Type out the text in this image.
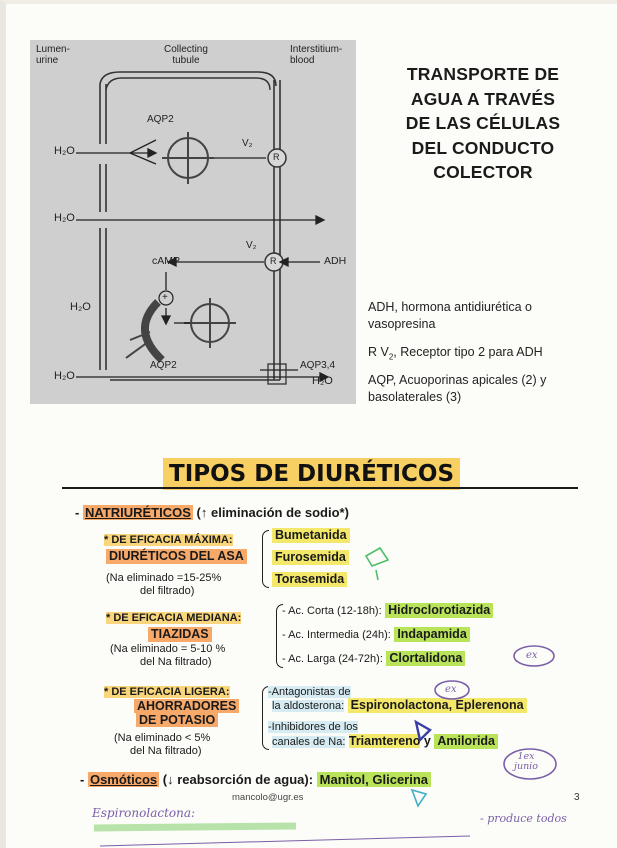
Lumen-
urine
Collecting
tubule
Interstitium-
blood
AQP2
H₂O
V₂
R
H₂O
V₂
cAMP	R	ADH
+
H₂O
AQP2	AQP3,4
H₂O	H₂O
TRANSPORTE DE
AGUA A TRAVÉS
DE LAS CÉLULAS
DEL CONDUCTO
COLECTOR
ADH, hormona antidiurética o vasopresina
R $V_2$, Receptor tipo 2 para ADH
AQP, Acuoporinas apicales (2) y basolaterales (3)
TIPOS DE DIURÉTICOS
- NATRIURÉTICOS (↑ eliminación de sodio*)
* DE EFICACIA MÁXIMA:
DIURÉTICOS DEL ASA
(Na eliminado =15-25%
del filtrado)
Bumetanida
Furosemida
Torasemida
* DE EFICACIA MEDIANA:
TIAZIDAS
(Na eliminado = 5-10 %
del Na filtrado)
- Ac. Corta (12-18h): Hidroclorotiazida
- Ac. Intermedia (24h): Indapamida
- Ac. Larga (24-72h): Clortalidona
* DE EFICACIA LIGERA:
AHORRADORES
DE POTASIO
(Na eliminado < 5%
del Na filtrado)
-Antagonistas de
la aldosterona: Espironolactona, Eplerenona
-Inhibidores de los
canales de Na: Triamtereno y Amilorida
- Osmóticos (↓ reabsorción de agua): Manitol, Glicerina
mancolo@ugr.es	3
ex
ex
1ex
junio
Espironolactona:	- produce todos
